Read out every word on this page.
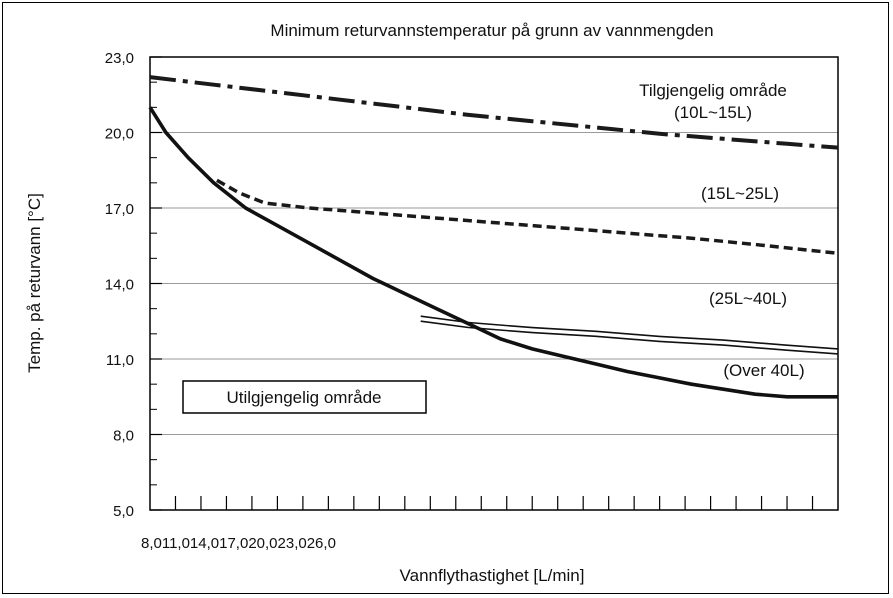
Minimum returvannstemperatur på grunn av vannmengden
5,0
8,0
11,0
14,0
17,0
20,0
23,0
8,011,014,017,020,023,026,0
Vannflythastighet [L/min]
Temp. på returvann [°C]
Tilgjengelig område
(10L~15L)
(15L~25L)
(25L~40L)
(Over 40L)
Utilgjengelig område
